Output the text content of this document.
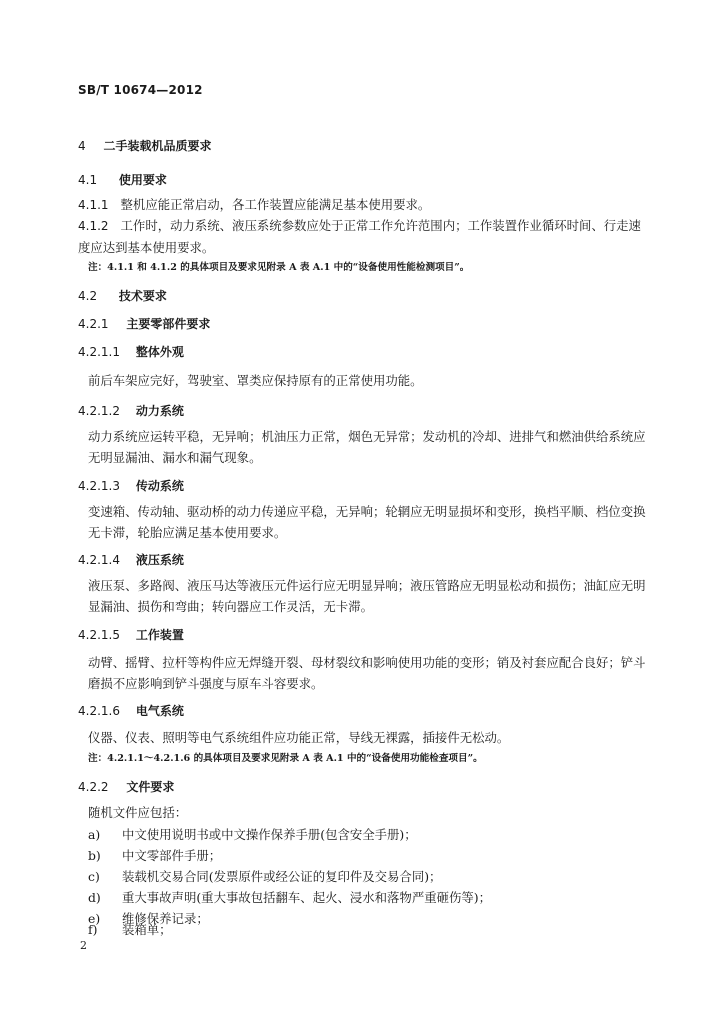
SB/T 10674—2012
4 二手装载机品质要求
4.1 使用要求
4.1.1 整机应能正常启动，各工作装置应能满足基本使用要求。
4.1.2 工作时，动力系统、液压系统参数应处于正常工作允许范围内；工作装置作业循环时间、行走速度应达到基本使用要求。
注：4.1.1 和 4.1.2 的具体项目及要求见附录 A 表 A.1 中的“设备使用性能检测项目”。
4.2 技术要求
4.2.1 主要零部件要求
4.2.1.1 整体外观
前后车架应完好，驾驶室、罩类应保持原有的正常使用功能。
4.2.1.2 动力系统
动力系统应运转平稳，无异响；机油压力正常，烟色无异常；发动机的冷却、进排气和燃油供给系统应无明显漏油、漏水和漏气现象。
4.2.1.3 传动系统
变速箱、传动轴、驱动桥的动力传递应平稳，无异响；轮辋应无明显损坏和变形，换档平顺、档位变换无卡滞，轮胎应满足基本使用要求。
4.2.1.4 液压系统
液压泵、多路阀、液压马达等液压元件运行应无明显异响；液压管路应无明显松动和损伤；油缸应无明显漏油、损伤和弯曲；转向器应工作灵活，无卡滞。
4.2.1.5 工作装置
动臂、摇臂、拉杆等构件应无焊缝开裂、母材裂纹和影响使用功能的变形；销及衬套应配合良好；铲斗磨损不应影响到铲斗强度与原车斗容要求。
4.2.1.6 电气系统
仪器、仪表、照明等电气系统组件应功能正常，导线无裸露，插接件无松动。
注：4.2.1.1～4.2.1.6 的具体项目及要求见附录 A 表 A.1 中的“设备使用功能检查项目”。
4.2.2 文件要求
随机文件应包括：
a) 中文使用说明书或中文操作保养手册(包含安全手册)；
b) 中文零部件手册；
c) 装载机交易合同(发票原件或经公证的复印件及交易合同)；
d) 重大事故声明(重大事故包括翻车、起火、浸水和落物严重砸伤等)；
e) 维修保养记录；
f) 装箱单；
2
